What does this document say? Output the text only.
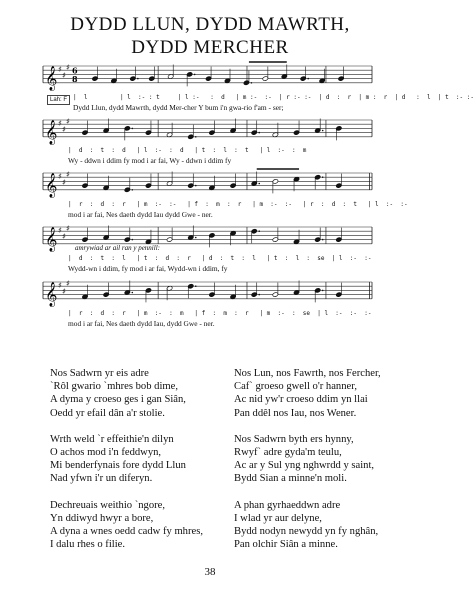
DYDD LLUN, DYDD MAWRTH,
DYDD MERCHER
𝄞 ♯
♯
♯ 6
8
𝄞 ♯
♯
♯
𝄞 ♯
♯
♯
𝄞 ♯
♯
♯
𝄞 ♯
♯
♯
Lah: F
amrywiad ar ail ran y pennill:
|  l         | l  :- : t     | l :-   :  d   | m :-  :-  | r :- :-  | d  :  r  | m :  r  | d   :  l  | t  :- :-
Dydd Llun, dydd Mawrth, dydd Mer-cher Y bum i'n gwa-rio f'am - ser;
|  d  :  t  :  d   | l  :-  :  d   | t  :  l  :  t   | l  :-  :  m
Wy - ddwn i ddim fy mod i ar fai, Wy - ddwn i ddim fy
|  r  :  d  :  r   | m  :-  :-   | f  :  m  :  r   | m  :-  :-   | r  :  d  :  t   | l  :-  :-
mod i ar fai, Nes daeth dydd Iau dydd Gwe - ner.
|  d  :  t  :  l   | t  :  d  :  r   | d  :  t  :  l   | t  :  l  :  se  | l  :-  :-
Wydd-wn i ddim, fy mod i ar fai, Wydd-wn i ddim, fy
|  r  :  d  :  r   | m  :-  :  m   | f  :  m  :  r   | m  :-  :  se  | l  :-  :-  :-
mod i ar fai, Nes daeth dydd Iau, dydd Gwe - ner.
Nos Sadwrn yr eis adre
`Rôl gwario `mhres bob dime,
A dyma y croeso ges i gan Siân,
Oedd yr efail dân a'r stolie.
Wrth weld `r effeithie'n dilyn
O achos mod i'n feddwyn,
Mi benderfynais fore dydd Llun
Nad yfwn i'r un diferyn.
Dechreuais weithio `ngore,
Yn ddiwyd hwyr a bore,
A dyna a wnes oedd cadw fy mhres,
I dalu rhes o filie.
Nos Lun, nos Fawrth, nos Fercher,
Caf` groeso gwell o'r hanner,
Ac nid yw'r croeso ddim yn llai
Pan ddêl nos Iau, nos Wener.
Nos Sadwrn byth ers hynny,
Rwyf` adre gyda'm teulu,
Ac ar y Sul yng nghwrdd y saint,
Bydd Sian a minne'n moli.
A phan gyrhaeddwn adre
I wlad yr aur delyne,
Bydd nodyn newydd yn fy nghân,
Pan olchir Siân a minne.
38
